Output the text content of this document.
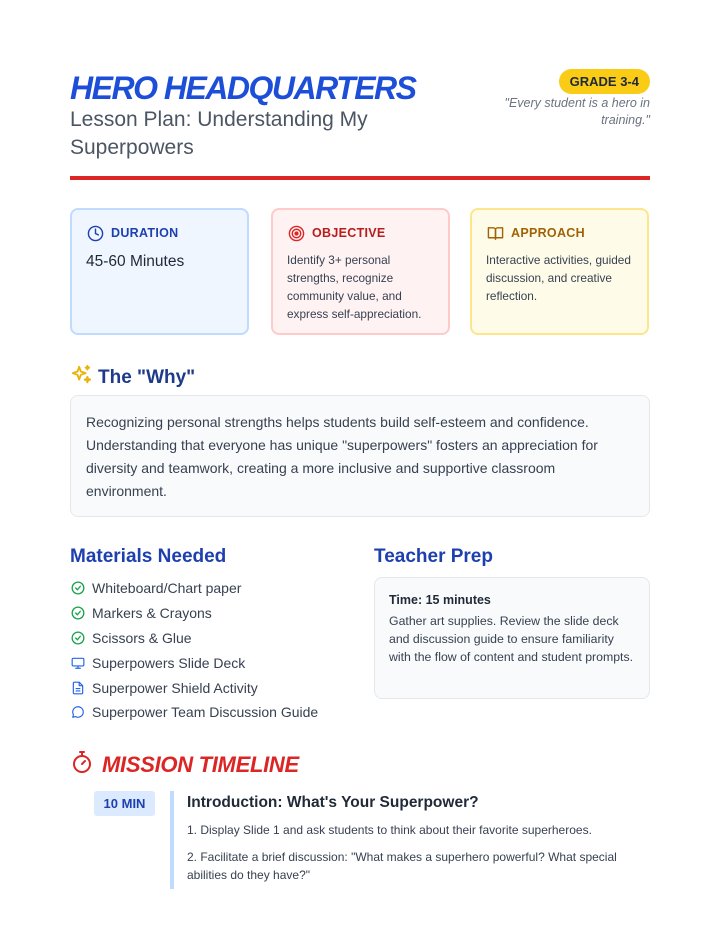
HERO HEADQUARTERS
Lesson Plan: Understanding My Superpowers
GRADE 3-4
"Every student is a hero in training."
DURATION
45-60 Minutes
OBJECTIVE
Identify 3+ personal strengths, recognize community value, and express self-appreciation.
APPROACH
Interactive activities, guided discussion, and creative reflection.
The "Why"
Recognizing personal strengths helps students build self-esteem and confidence. Understanding that everyone has unique "superpowers" fosters an appreciation for diversity and teamwork, creating a more inclusive and supportive classroom environment.
Materials Needed
Whiteboard/Chart paper
Markers & Crayons
Scissors & Glue
Superpowers Slide Deck
Superpower Shield Activity
Superpower Team Discussion Guide
Teacher Prep
Time: 15 minutes
Gather art supplies. Review the slide deck and discussion guide to ensure familiarity with the flow of content and student prompts.
MISSION TIMELINE
10 MIN	Introduction: What's Your Superpower?
1. Display Slide 1 and ask students to think about their favorite superheroes.
2. Facilitate a brief discussion: "What makes a superhero powerful? What special abilities do they have?"
